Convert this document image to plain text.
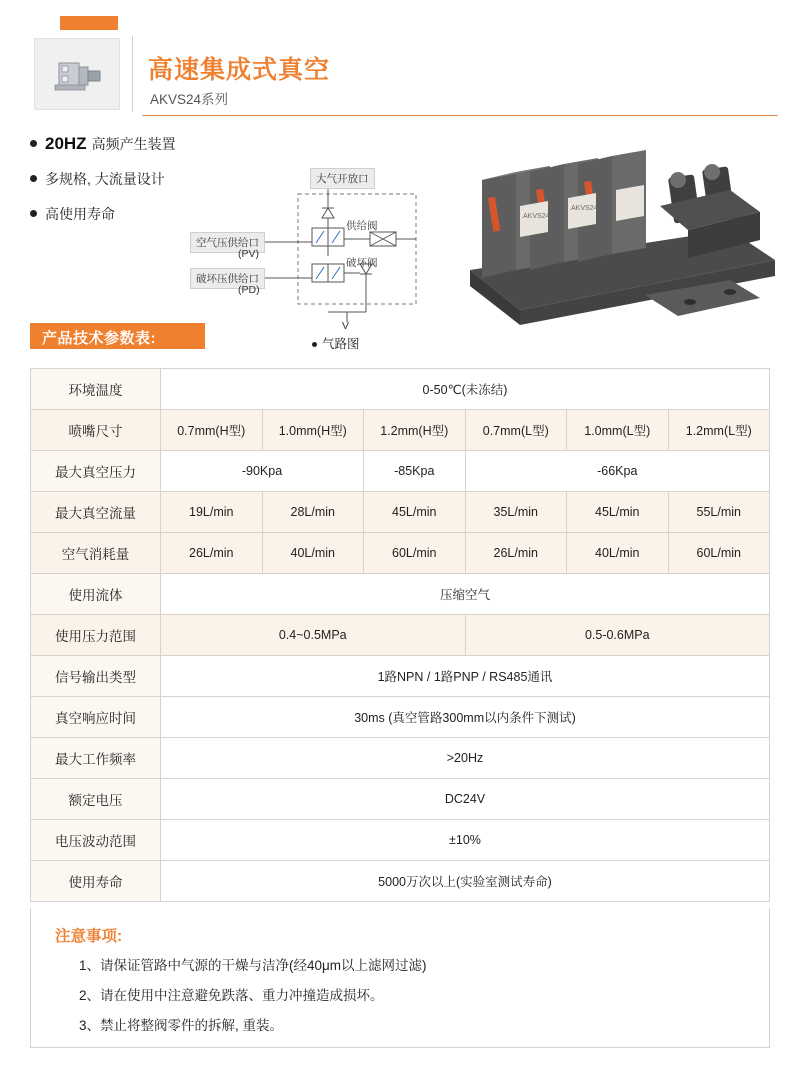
高速集成式真空
AKVS24系列
20HZ 高频产生装置
多规格, 大流量设计
高使用寿命
大气开放口
供给阀
破坏阀
空气压供给口
(PV)
破坏压供给口
(PD)
V
气路图
AKVS24
AKVS24
产品技术参数表:
环境温度	0-50℃(未冻结)					
喷嘴尺寸	0.7mm(H型)	1.0mm(H型)	1.2mm(H型)	0.7mm(L型)	1.0mm(L型)	1.2mm(L型)
最大真空压力	-90Kpa		-85Kpa	-66Kpa		
最大真空流量	19L/min	28L/min	45L/min	35L/min	45L/min	55L/min
空气消耗量	26L/min	40L/min	60L/min	26L/min	40L/min	60L/min
使用流体	压缩空气					
使用压力范围	0.4~0.5MPa			0.5-0.6MPa		
信号输出类型	1路NPN / 1路PNP / RS485通讯					
真空响应时间	30ms (真空管路300mm以内条件下测试)					
最大工作频率	>20Hz					
额定电压	DC24V					
电压波动范围	±10%					
使用寿命	5000万次以上(实验室测试寿命)					
注意事项:
1、请保证管路中气源的干燥与洁净(经40μm以上滤网过滤)
2、请在使用中注意避免跌落、重力冲撞造成损坏。
3、禁止将整阀零件的拆解, 重装。
